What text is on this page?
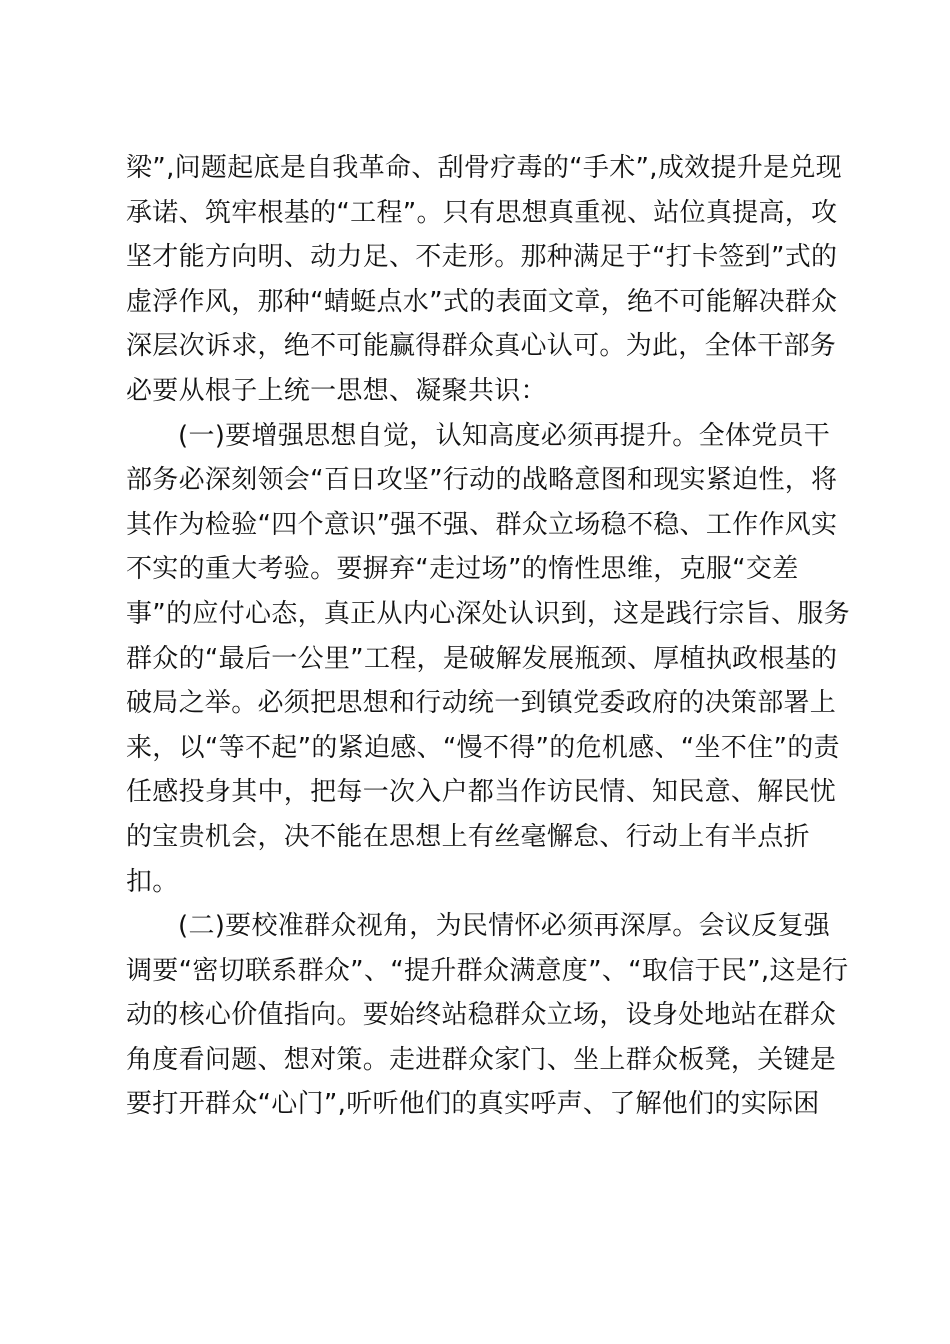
梁”,问题起底是自我革命、刮骨疗毒的“手术”,成效提升是兑现
承诺、筑牢根基的“工程”。只有思想真重视、站位真提高，攻
坚才能方向明、动力足、不走形。那种满足于“打卡签到”式的
虚浮作风，那种“蜻蜓点水”式的表面文章，绝不可能解决群众
深层次诉求，绝不可能赢得群众真心认可。为此，全体干部务
必要从根子上统一思想、凝聚共识：
(一)要增强思想自觉，认知高度必须再提升。全体党员干
部务必深刻领会“百日攻坚”行动的战略意图和现实紧迫性，将
其作为检验“四个意识”强不强、群众立场稳不稳、工作作风实
不实的重大考验。要摒弃“走过场”的惰性思维，克服“交差
事”的应付心态，真正从内心深处认识到，这是践行宗旨、服务
群众的“最后一公里”工程，是破解发展瓶颈、厚植执政根基的
破局之举。必须把思想和行动统一到镇党委政府的决策部署上
来，以“等不起”的紧迫感、“慢不得”的危机感、“坐不住”的责
任感投身其中，把每一次入户都当作访民情、知民意、解民忧
的宝贵机会，决不能在思想上有丝毫懈怠、行动上有半点折
扣。
(二)要校准群众视角，为民情怀必须再深厚。会议反复强
调要“密切联系群众”、“提升群众满意度”、“取信于民”,这是行
动的核心价值指向。要始终站稳群众立场，设身处地站在群众
角度看问题、想对策。走进群众家门、坐上群众板凳，关键是
要打开群众“心门”,听听他们的真实呼声、了解他们的实际困
